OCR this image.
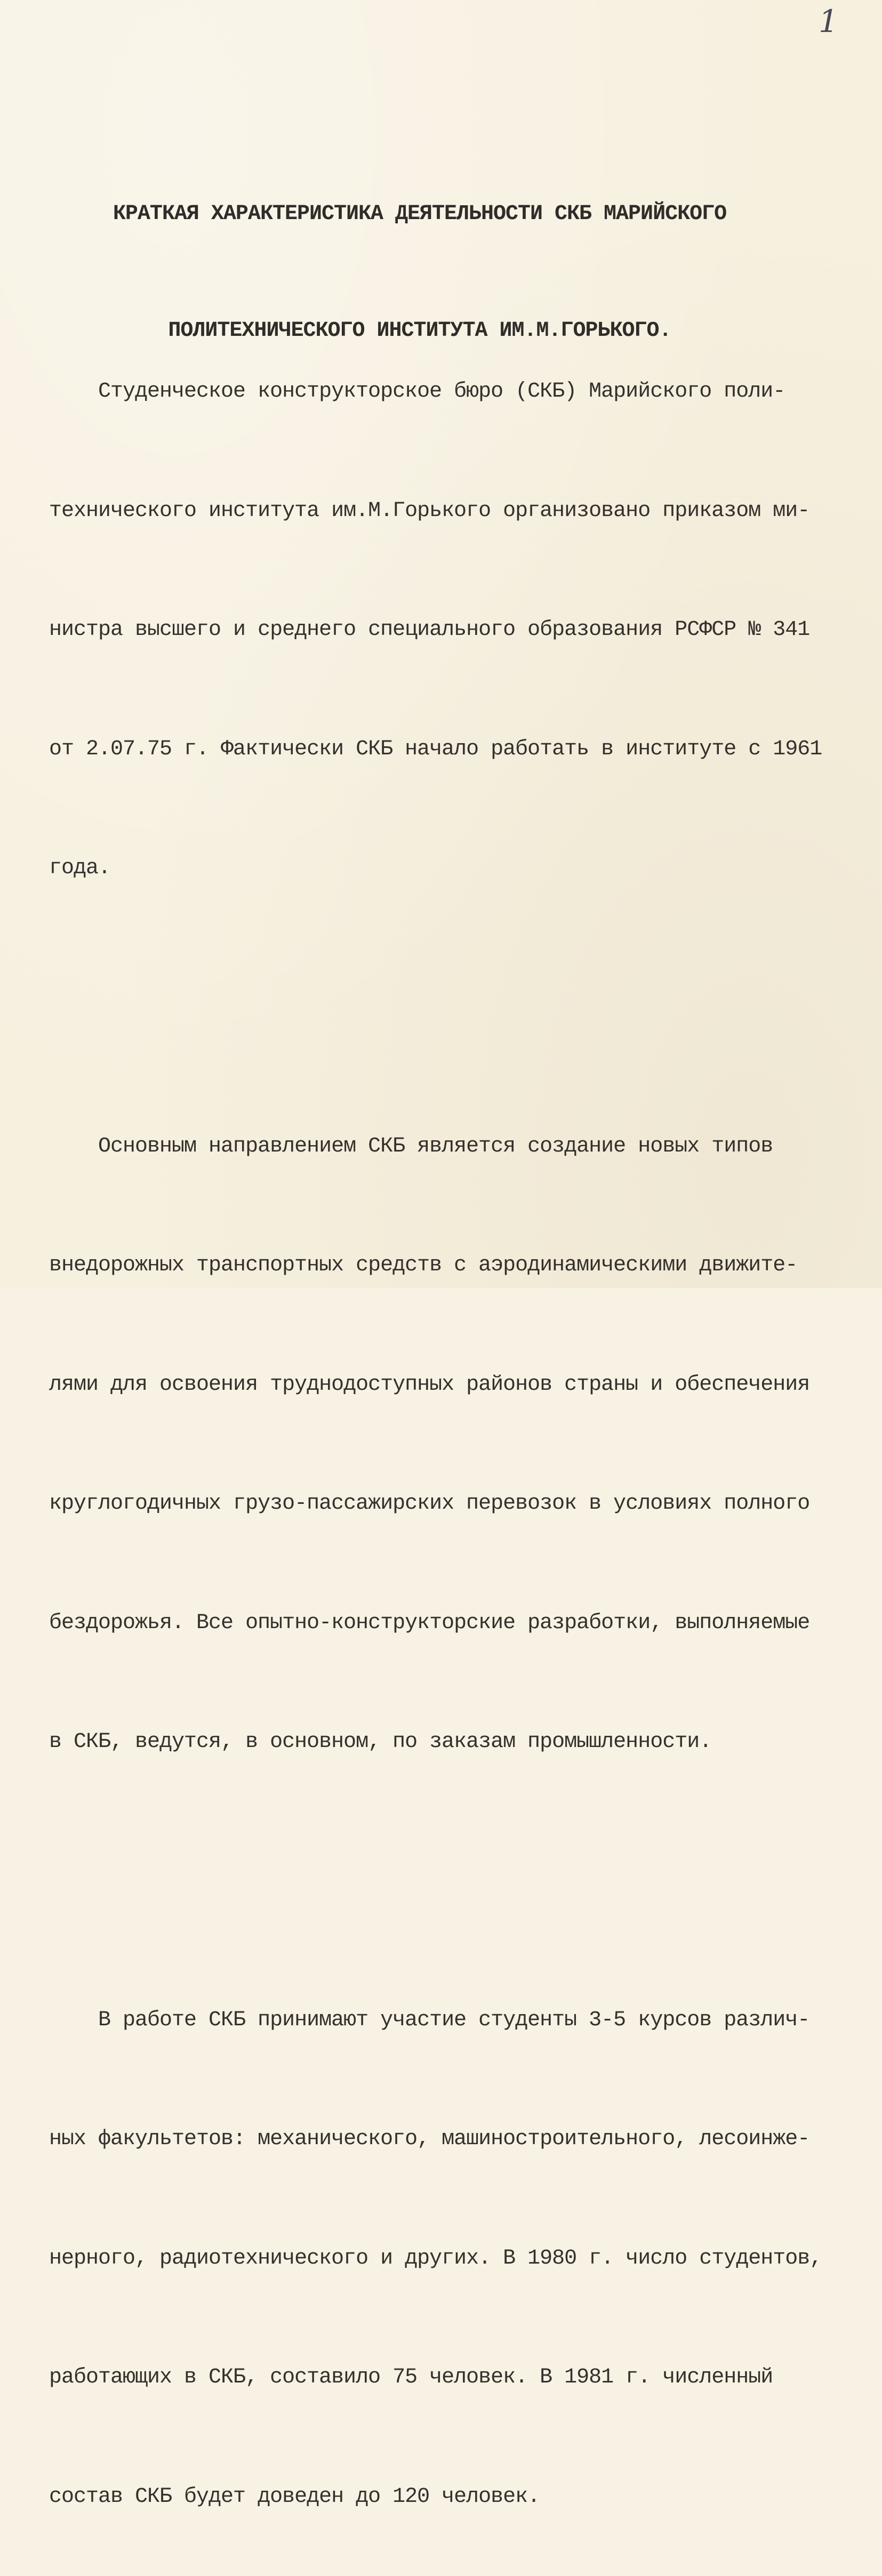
1

КРАТКАЯ ХАРАКТЕРИСТИКА ДЕЯТЕЛЬНОСТИ СКБ МАРИЙСКОГО

ПОЛИТЕХНИЧЕСКОГО ИНСТИТУТА ИМ.М.ГОРЬКОГО.

Студенческое конструкторское бюро (СКБ) Марийского поли-

технического института им.М.Горького организовано приказом ми-

нистра высшего и среднего специального образования РСФСР № 341

от 2.07.75 г. Фактически СКБ начало работать в институте с 1961

года.

Основным направлением СКБ является создание новых типов

внедорожных транспортных средств с аэродинамическими движите-

лями для освоения труднодоступных районов страны и обеспечения

круглогодичных грузо-пассажирских перевозок в условиях полного

бездорожья. Все опытно-конструкторские разработки, выполняемые

в СКБ, ведутся, в основном, по заказам промышленности.

В работе СКБ принимают участие студенты 3-5 курсов различ-

ных факультетов: механического, машиностроительного, лесоинже-

нерного, радиотехнического и других. В 1980 г. число студентов,

работающих в СКБ, составило 75 человек. В 1981 г. численный

состав СКБ будет доведен до 120 человек.
